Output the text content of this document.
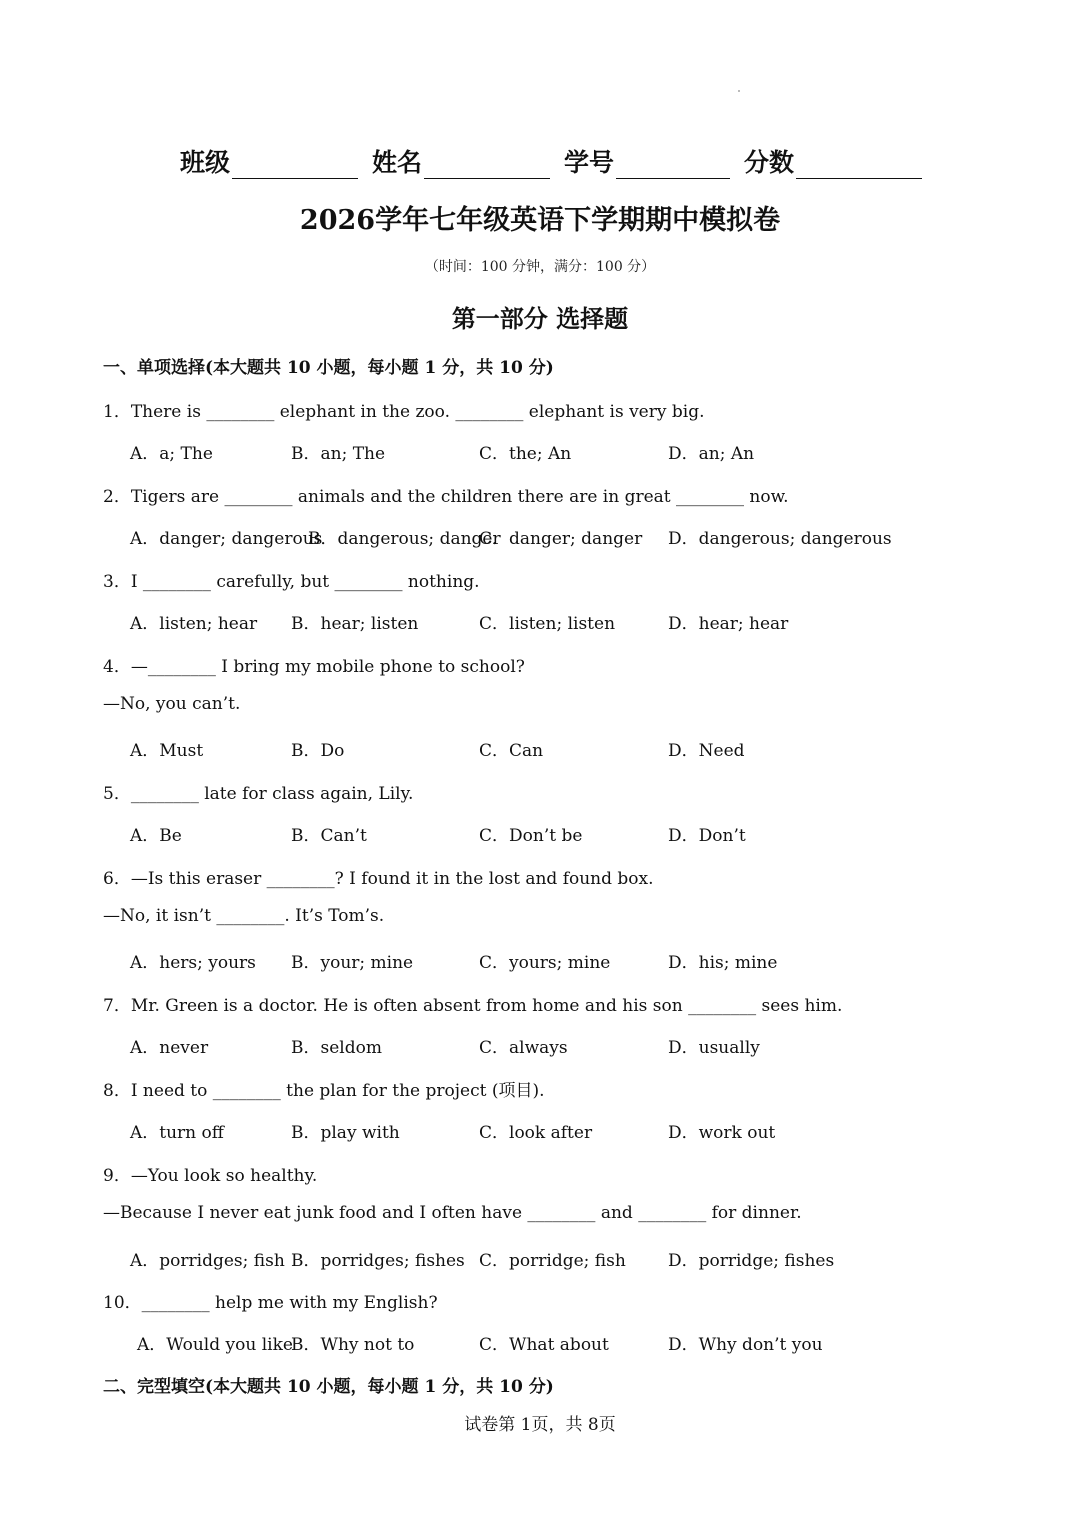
班级	姓名	学号	分数
2026学年七年级英语下学期期中模拟卷
（时间：100 分钟，满分：100 分）
第一部分 选择题
一、单项选择(本大题共 10 小题，每小题 1 分，共 10 分)
1．There is ________ elephant in the zoo. ________ elephant is very big.
A．a; The	B．an; The	C．the; An	D．an; An
2．Tigers are ________ animals and the children there are in great ________ now.
A．danger; dangerous
B．dangerous; danger
C．danger; danger D．dangerous; dangerous
3．I ________ carefully, but ________ nothing.
A．listen; hear B．hear; listen	C．listen; listen	D．hear; hear
4．—________ I bring my mobile phone to school?
—No, you can’t.
A．Must	B．Do	C．Can	D．Need
5．________ late for class again, Lily.
A．Be	B．Can’t	C．Don’t be	D．Don’t
6．—Is this eraser ________? I found it in the lost and found box.
—No, it isn’t ________. It’s Tom’s.
A．hers; yours B．your; mine	C．yours; mine	D．his; mine
7．Mr. Green is a doctor. He is often absent from home and his son ________ sees him.
A．never	B．seldom	C．always	D．usually
8．I need to ________ the plan for the project (项目).
A．turn off	B．play with	C．look after	D．work out
9．—You look so healthy.
—Because I never eat junk food and I often have ________ and ________ for dinner.
A．porridges; fish B．porridges; fishes C．porridge; fish D．porridge; fishes
10．________ help me with my English?
A．Would you like
B．Why not to	C．What about	D．Why don’t you
二、完型填空(本大题共 10 小题，每小题 1 分，共 10 分)
试卷第 1页，共 8页
